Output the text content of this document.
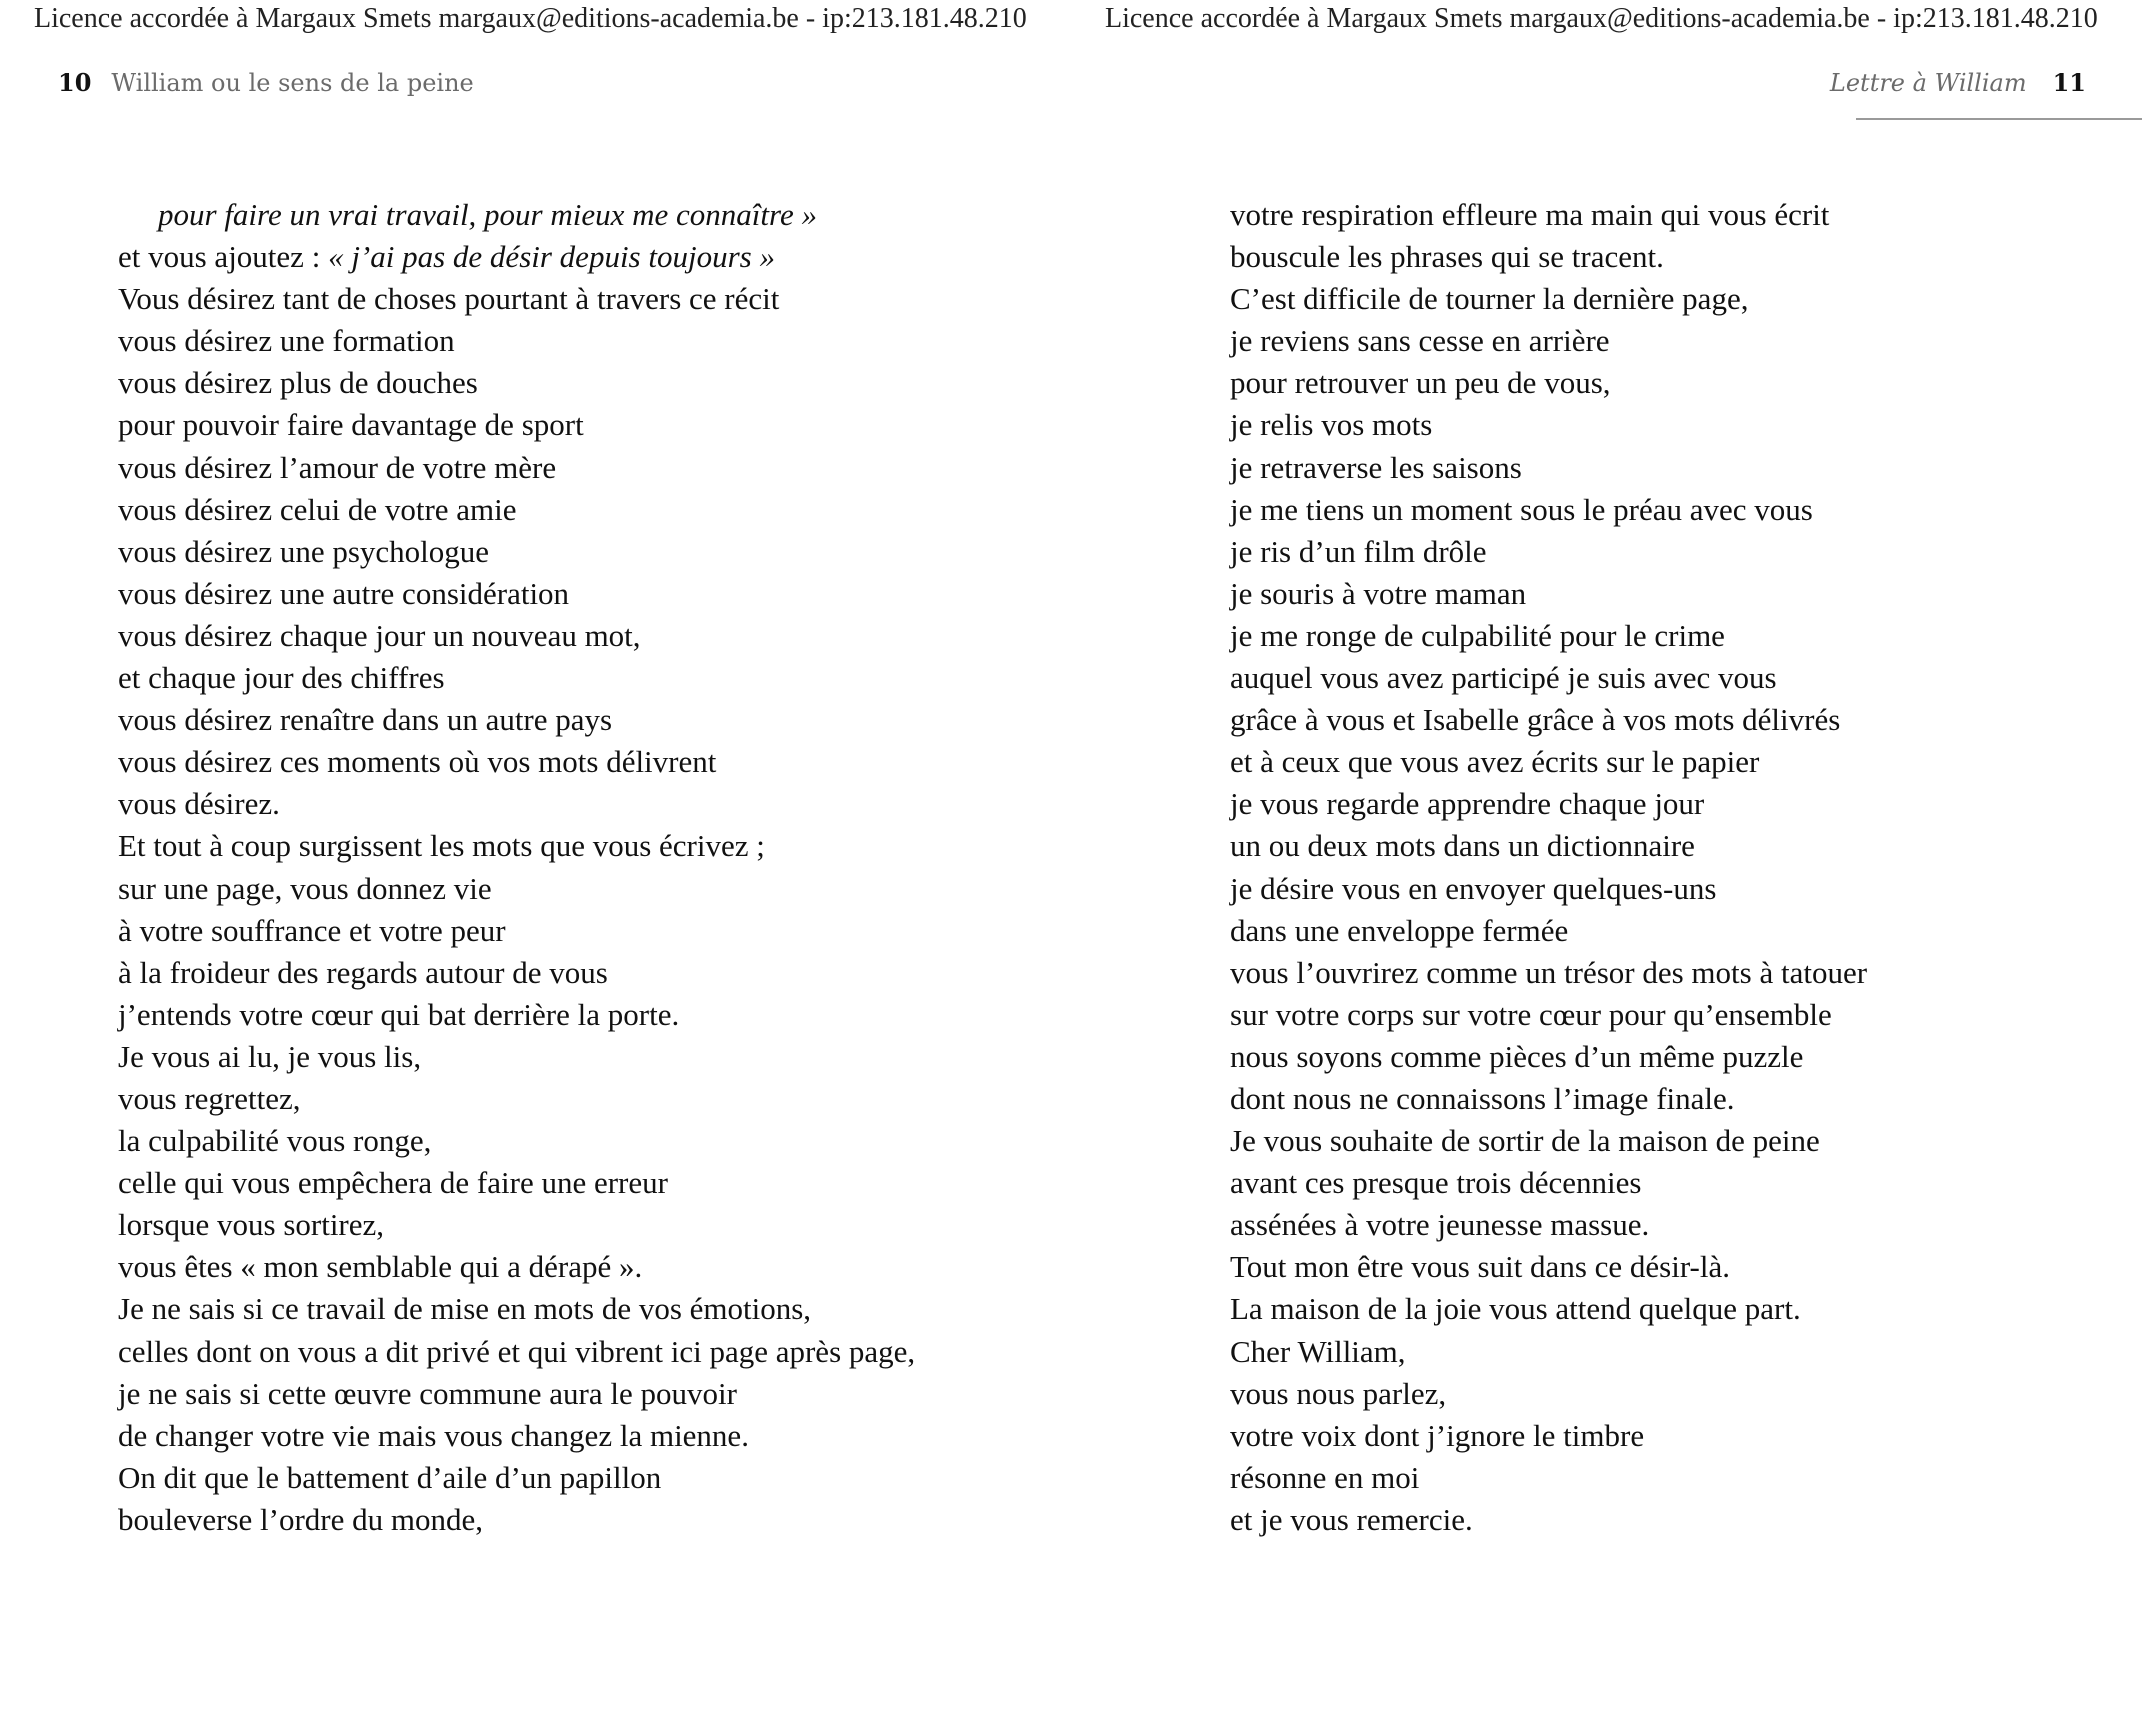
Licence accordée à Margaux Smets margaux@editions-academia.be - ip:213.181.48.210
10 William ou le sens de la peine
pour faire un vrai travail, pour mieux me connaître »
et vous ajoutez : « j’ai pas de désir depuis toujours »
Vous désirez tant de choses pourtant à travers ce récit
vous désirez une formation
vous désirez plus de douches
pour pouvoir faire davantage de sport
vous désirez l’amour de votre mère
vous désirez celui de votre amie
vous désirez une psychologue
vous désirez une autre considération
vous désirez chaque jour un nouveau mot,
et chaque jour des chiffres
vous désirez renaître dans un autre pays
vous désirez ces moments où vos mots délivrent
vous désirez.
Et tout à coup surgissent les mots que vous écrivez ;
sur une page, vous donnez vie
à votre souffrance et votre peur
à la froideur des regards autour de vous
j’entends votre cœur qui bat derrière la porte.
Je vous ai lu, je vous lis,
vous regrettez,
la culpabilité vous ronge,
celle qui vous empêchera de faire une erreur
lorsque vous sortirez,
vous êtes « mon semblable qui a dérapé ».
Je ne sais si ce travail de mise en mots de vos émotions,
celles dont on vous a dit privé et qui vibrent ici page après page,
je ne sais si cette œuvre commune aura le pouvoir
de changer votre vie mais vous changez la mienne.
On dit que le battement d’aile d’un papillon
bouleverse l’ordre du monde,
Licence accordée à Margaux Smets margaux@editions-academia.be - ip:213.181.48.210
Lettre à William 11
votre respiration effleure ma main qui vous écrit
bouscule les phrases qui se tracent.
C’est difficile de tourner la dernière page,
je reviens sans cesse en arrière
pour retrouver un peu de vous,
je relis vos mots
je retraverse les saisons
je me tiens un moment sous le préau avec vous
je ris d’un film drôle
je souris à votre maman
je me ronge de culpabilité pour le crime
auquel vous avez participé je suis avec vous
grâce à vous et Isabelle grâce à vos mots délivrés
et à ceux que vous avez écrits sur le papier
je vous regarde apprendre chaque jour
un ou deux mots dans un dictionnaire
je désire vous en envoyer quelques-uns
dans une enveloppe fermée
vous l’ouvrirez comme un trésor des mots à tatouer
sur votre corps sur votre cœur pour qu’ensemble
nous soyons comme pièces d’un même puzzle
dont nous ne connaissons l’image finale.
Je vous souhaite de sortir de la maison de peine
avant ces presque trois décennies
assénées à votre jeunesse massue.
Tout mon être vous suit dans ce désir-là.
La maison de la joie vous attend quelque part.
Cher William,
vous nous parlez,
votre voix dont j’ignore le timbre
résonne en moi
et je vous remercie.
